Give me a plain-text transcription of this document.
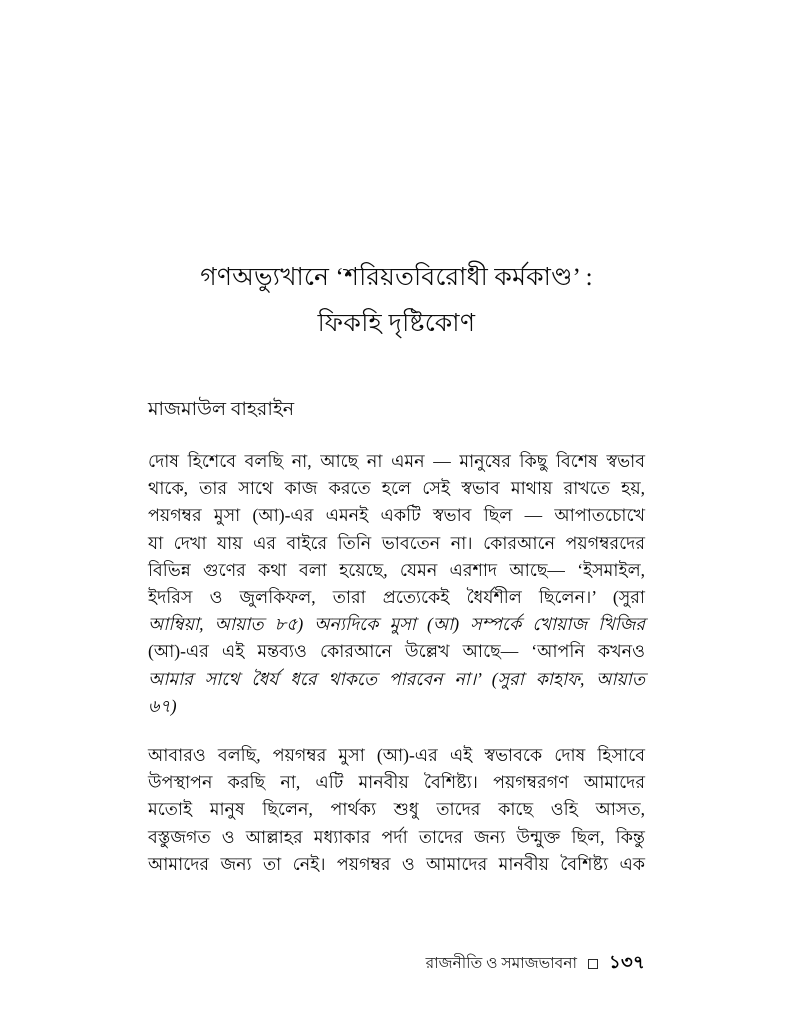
গণঅভ্যুখানে ‘শরিয়তবিরোধী কর্মকাণ্ড’ :
ফিকহি দৃষ্টিকোণ
মাজমাউল বাহরাইন

দোষ হিশেবে বলছি না, আছে না এমন — মানুষের কিছু বিশেষ স্বভাব
থাকে, তার সাথে কাজ করতে হলে সেই স্বভাব মাথায় রাখতে হয়,
পয়গম্বর মুসা (আ)-এর এমনই একটি স্বভাব ছিল — আপাতচোখে
যা দেখা যায় এর বাইরে তিনি ভাবতেন না। কোরআনে পয়গম্বরদের
বিভিন্ন গুণের কথা বলা হয়েছে, যেমন এরশাদ আছে— ‘ইসমাইল,
ইদরিস ও জুলকিফল, তারা প্রত্যেকেই ধৈর্যশীল ছিলেন।’ (সুরা
আম্বিয়া, আয়াত ৮৫) অন্যদিকে মুসা (আ) সম্পর্কে খোয়াজ খিজির
(আ)-এর এই মন্তব্যও কোরআনে উল্লেখ আছে— ‘আপনি কখনও
আমার সাথে ধৈর্য ধরে থাকতে পারবেন না।’ (সুরা কাহাফ, আয়াত
৬৭)

আবারও বলছি, পয়গম্বর মুসা (আ)-এর এই স্বভাবকে দোষ হিসাবে
উপস্থাপন করছি না, এটি মানবীয় বৈশিষ্ট্য। পয়গম্বরগণ আমাদের
মতোই মানুষ ছিলেন, পার্থক্য শুধু তাদের কাছে ওহি আসত,
বস্তুজগত ও আল্লাহর মধ্যাকার পর্দা তাদের জন্য উন্মুক্ত ছিল, কিন্তু
আমাদের জন্য তা নেই। পয়গম্বর ও আমাদের মানবীয় বৈশিষ্ট্য এক

রাজনীতি ও সমাজভাবনা ১৩৭
